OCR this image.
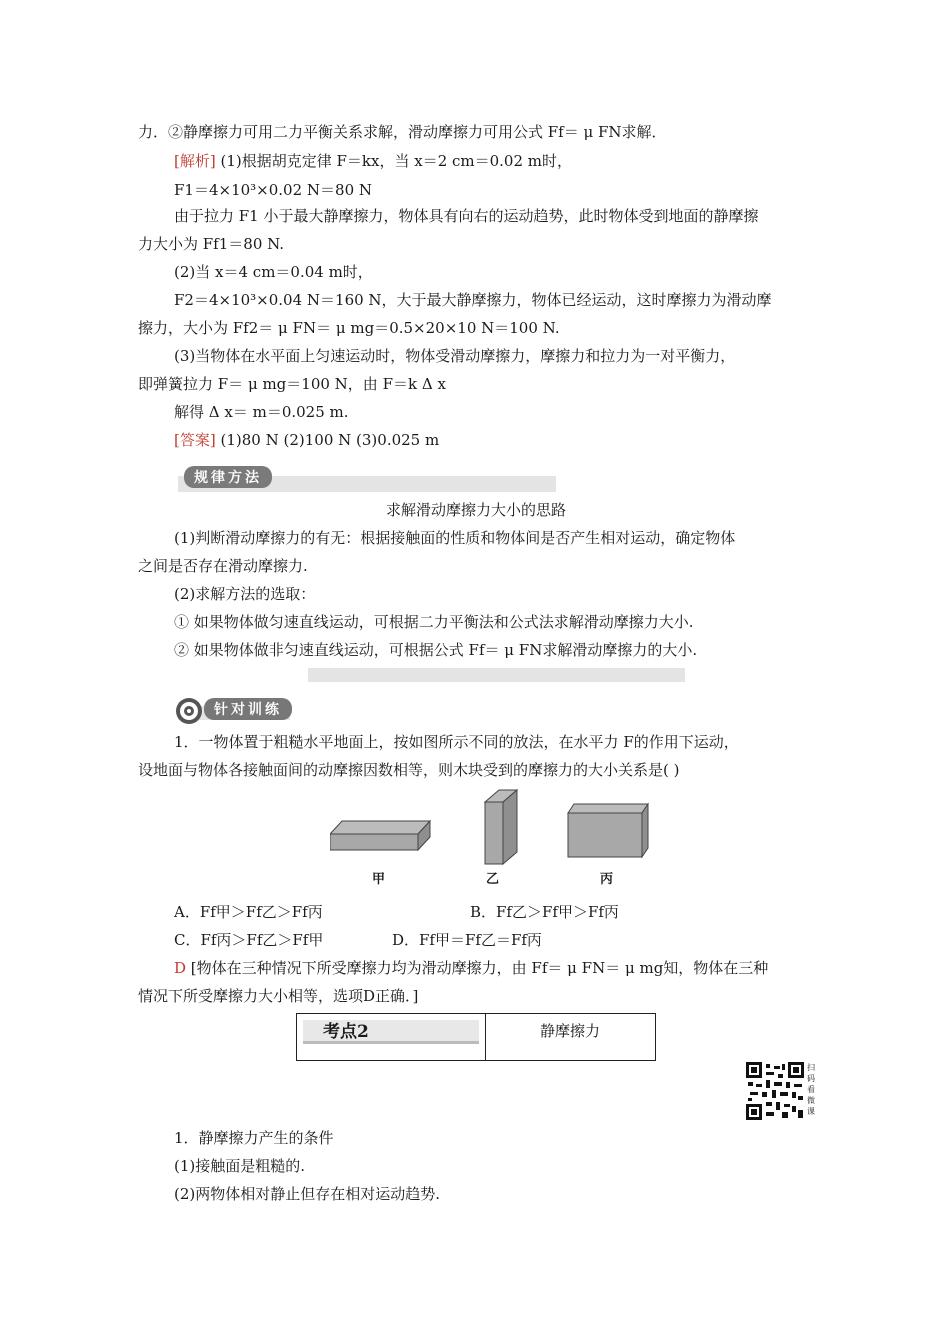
力．②静摩擦力可用二力平衡关系求解，滑动摩擦力可用公式 Ff＝ μ FN求解．
[解析] (1)根据胡克定律 F＝kx，当 x＝2 cm＝0.02 m时，
F1＝4×10³×0.02 N＝80 N
由于拉力 F1 小于最大静摩擦力，物体具有向右的运动趋势，此时物体受到地面的静摩擦
力大小为 Ff1＝80 N.
(2)当 x＝4 cm＝0.04 m时，
F2＝4×10³×0.04 N＝160 N，大于最大静摩擦力，物体已经运动，这时摩擦力为滑动摩
擦力，大小为 Ff2＝ μ FN＝ μ mg＝0.5×20×10 N＝100 N.
(3)当物体在水平面上匀速运动时，物体受滑动摩擦力，摩擦力和拉力为一对平衡力，
即弹簧拉力 F＝ μ mg＝100 N，由 F＝k Δ x
解得 Δ x＝ m＝0.025 m.
[答案] (1)80 N (2)100 N (3)0.025 m
规律方法
求解滑动摩擦力大小的思路
(1)判断滑动摩擦力的有无：根据接触面的性质和物体间是否产生相对运动，确定物体
之间是否存在滑动摩擦力.
(2)求解方法的选取：
① 如果物体做匀速直线运动，可根据二力平衡法和公式法求解滑动摩擦力大小.
② 如果物体做非匀速直线运动，可根据公式 Ff＝ μ FN求解滑动摩擦力的大小.
针对训练
1．一物体置于粗糙水平地面上，按如图所示不同的放法，在水平力 F的作用下运动，
设地面与物体各接触面间的动摩擦因数相等，则木块受到的摩擦力的大小关系是( )
甲	乙	丙
A．Ff甲＞Ff乙＞Ff丙	B．Ff乙＞Ff甲＞Ff丙
C．Ff丙＞Ff乙＞Ff甲	D．Ff甲＝Ff乙＝Ff丙
D [物体在三种情况下所受摩擦力均为滑动摩擦力，由 Ff＝ μ FN＝ μ mg知，物体在三种
情况下所受摩擦力大小相等，选项D正确．]
考点2	静摩擦力
扫码看微课
1．静摩擦力产生的条件
(1)接触面是粗糙的.
(2)两物体相对静止但存在相对运动趋势.
